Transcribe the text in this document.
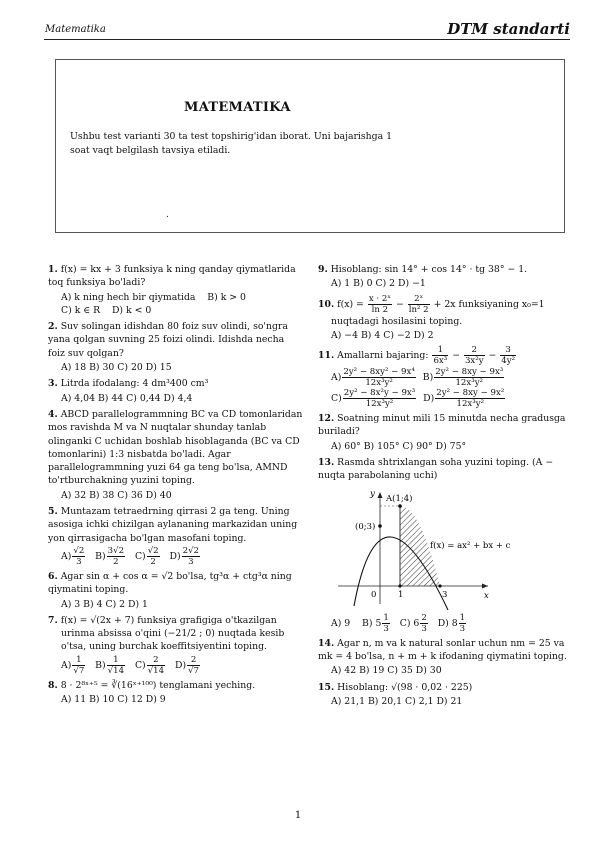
Matematika	DTM standarti
MATEMATIKA
Ushbu test varianti 30 ta test topshirig'idan iborat. Uni bajarishga 1 soat vaqt belgilash tavsiya etiladi.
.
1. f(x) = kx + 3 funksiya k ning qanday qiymatlarida toq funksiya bo'ladi?
A) k ning hech bir qiymatida B) k > 0
C) k ∈ R D) k < 0
2. Suv solingan idishdan 80 foiz suv olindi, so'ngra yana qolgan suvning 25 foizi olindi. Idishda necha foiz suv qolgan?
A) 18 B) 30 C) 20 D) 15
3. Litrda ifodalang: 4 dm³400 cm³
A) 4,04 B) 44 C) 0,44 D) 4,4
4. ABCD parallelogrammning BC va CD tomonlaridan mos ravishda M va N nuqtalar shunday tanlab olinganki C uchidan boshlab hisoblaganda (BC va CD tomonlarini) 1:3 nisbatda bo'ladi. Agar parallelogrammning yuzi 64 ga teng bo'lsa, AMND to'rtburchakning yuzini toping.
A) 32 B) 38 C) 36 D) 40
5. Muntazam tetraedrning qirrasi 2 ga teng. Uning asosiga ichki chizilgan aylananing markazidan uning yon qirrasigacha bo'lgan masofani toping.
$A) \frac{√2}{3} B) \frac{3√2}{2} C) \frac{√2}{2} D) \frac{2√2}{3}$
6. Agar sin α + cos α = √2 bo'lsa, tg³α + ctg³α ning qiymatini toping.
A) 3 B) 4 C) 2 D) 1
7. f(x) = √(2x + 7) funksiya grafigiga o'tkazilgan
urinma absissa o'qini (−21/2 ; 0) nuqtada kesib
o'tsa, uning burchak koeffitsiyentini toping.
$A) \frac{1}{√7} B) \frac{1}{√14} C) \frac{2}{√14} D) \frac{2}{√7}$
8. 8 · 2⁸ˣ⁺⁵ = ∛(16ˣ⁺¹⁰⁰) tenglamani yeching.
A) 11 B) 10 C) 12 D) 9
9. Hisoblang: sin 14° + cos 14° · tg 38° − 1.
A) 1 B) 0 C) 2 D) −1
10. $f(x) = \frac{\text{x · 2ˣ}}{\ln 2} - \frac{\text{2ˣ}}{\text{ln² 2}} + 2x$ funksiyaning x₀=1
nuqtadagi hosilasini toping.
A) −4 B) 4 C) −2 D) 2
11. Amallarni bajaring: $\frac{1}{\text{6x³}} - \frac{2}{\text{3x²y}} - \frac{3}{\text{4y²}}$
$A) \frac{\text{2y² − 8xy² − 9x⁴}}{\text{12x³y²}} B) \frac{\text{2y² − 8xy − 9x³}}{\text{12x³y²}}$

$C) \frac{\text{2y² − 8x²y − 9x³}}{\text{12x³y²}} D) \frac{\text{2y² − 8xy − 9x²}}{\text{12x³y²}}$
12. Soatning minut mili 15 minutda necha gradusga buriladi?
A) 60° B) 105° C) 90° D) 75°
13. Rasmda shtrixlangan soha yuzini toping. (A − nuqta parabolaning uchi)
y
x
A(1;4)
(0;3)
f(x) = ax² + bx + c
0	1	3
A) 9 B) $5 \frac{1}{3} C$) $6 \frac{2}{3} D$) $8 \frac{1}{3}$
14. Agar n, m va k natural sonlar uchun nm = 25 va mk = 4 bo'lsa, n + m + k ifodaning qiymatini toping.
A) 42 B) 19 C) 35 D) 30
15. Hisoblang: √(98 · 0,02 · 225)
A) 21,1 B) 20,1 C) 2,1 D) 21
1
